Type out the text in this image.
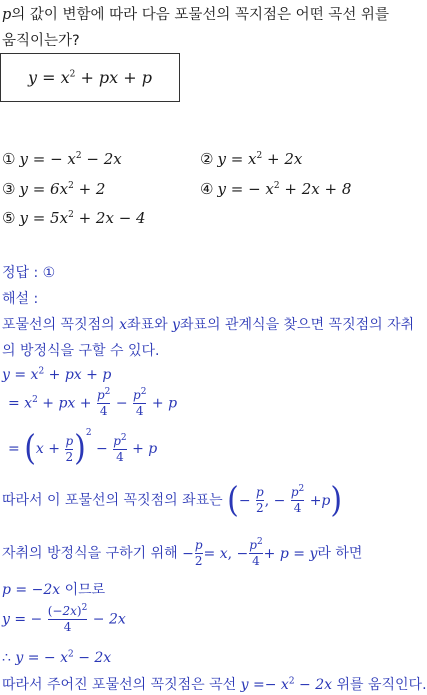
p의 값이 변함에 따라 다음 포물선의 꼭지점은 어떤 곡선 위를 움직이는가?
$y = x^2$ + px + p
① y = − $x^2 - 2x$	② $y = x^2 + 2x$
③ $y = 6x^2 + 2$	④ y = − $x^2 + 2x + 8$
⑤ $y = 5x^2 + 2x - 4$
정답 : ①
해설 :
포물선의 꼭짓점의 x좌표와 y좌표의 관계식을 찾으면 꼭짓점의 자취
의 방정식을 구할 수 있다.
$y = x^2$ + px + p
= $x^2$ + px + $\frac{p^2}{4} - \frac{p^2}{4} + p$
= $(x + \frac{p}{2} )^2 - \frac{p^2}{4} + p$
따라서 이 포물선의 꼭짓점의 좌표는 (− $\frac{p}{2}$ , − $\frac{p^2}{4} +p$)
자취의 방정식을 구하기 위해 − $\frac{p}{2} = x$, − $\frac{p^2}{4} + p = y$라 하면
p = −2x 이므로
y = − $\frac{(-2x)^2}{4} - 2x$
∴ y = − $x^2 - 2x$
따라서 주어진 포물선의 꼭짓점은 곡선 $y =- x^2 - 2x$ 위를 움직인다.
